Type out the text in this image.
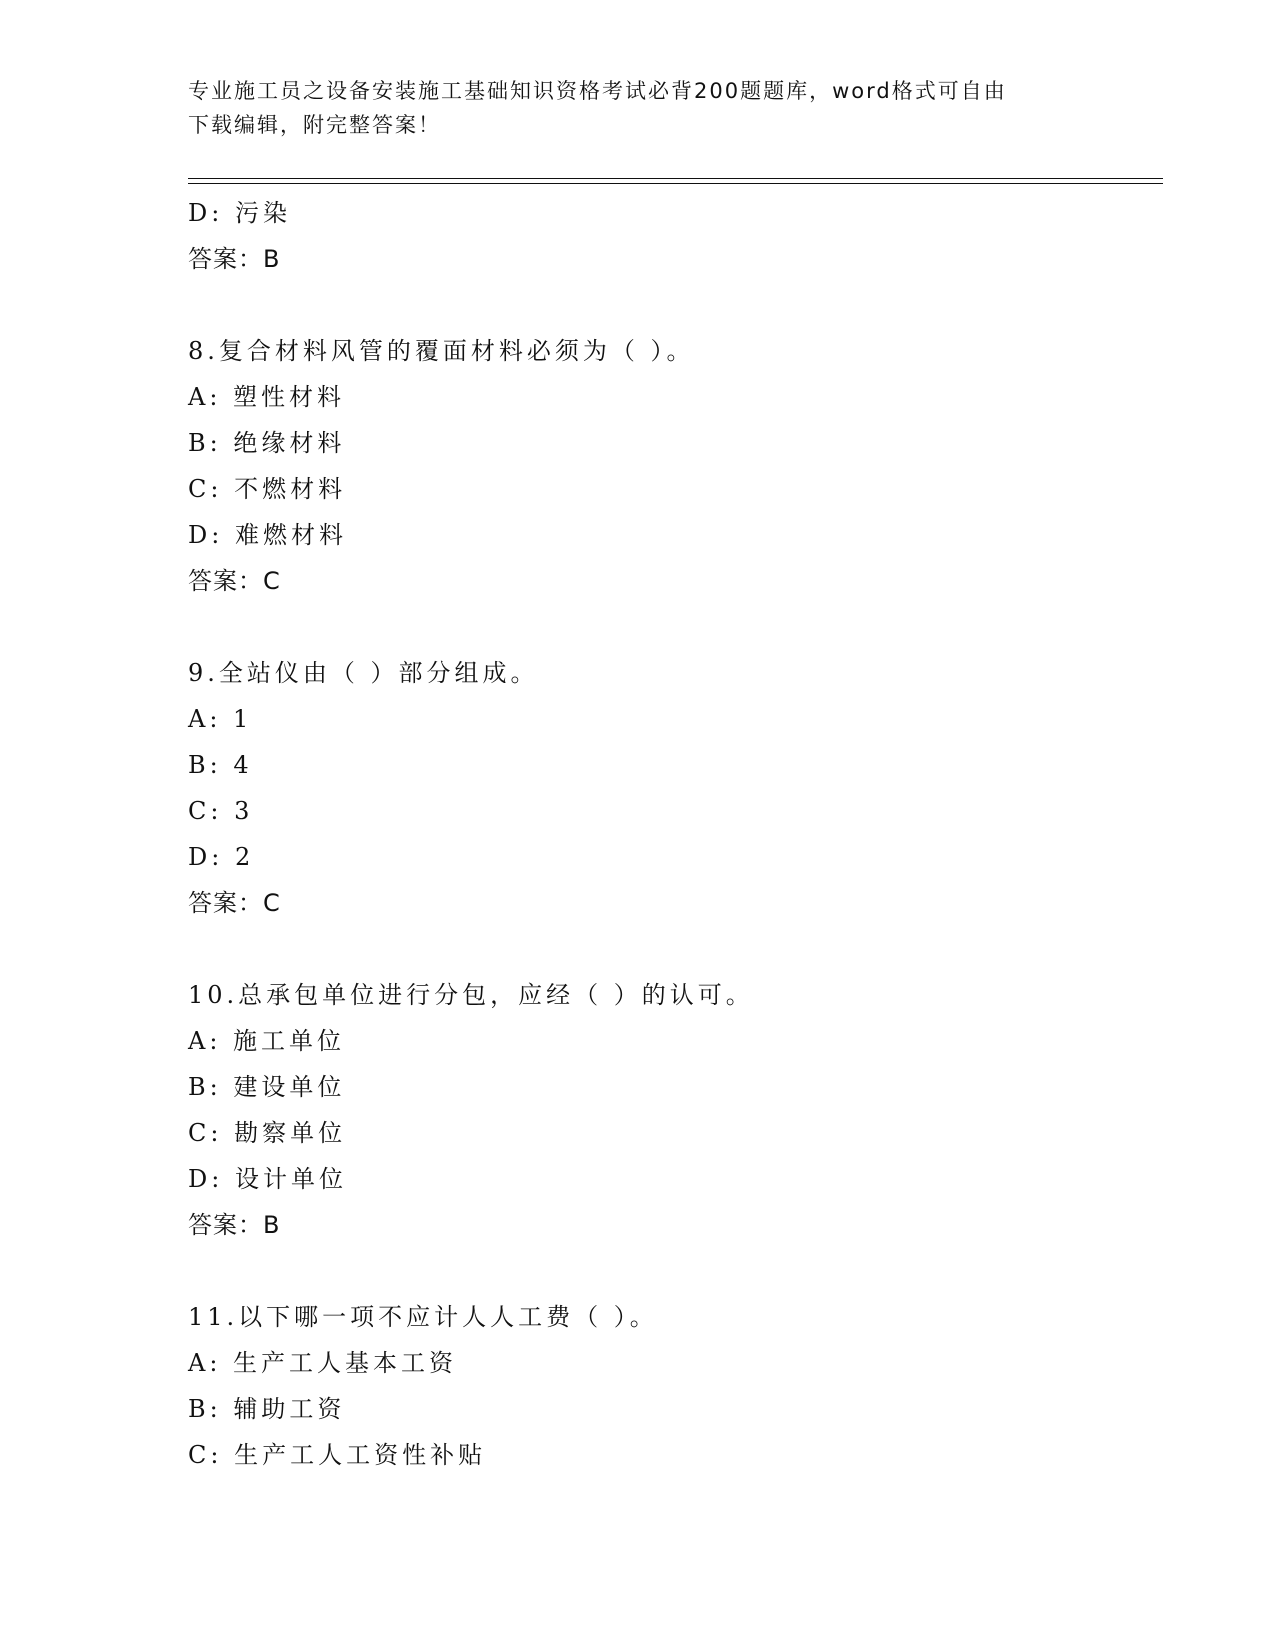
专业施工员之设备安装施工基础知识资格考试必背200题题库，word格式可自由
下载编辑，附完整答案！
D: 污染
答案：B
8.复合材料风管的覆面材料必须为（ ）。
A: 塑性材料
B: 绝缘材料
C: 不燃材料
D: 难燃材料
答案：C
9.全站仪由（ ）部分组成。
A: 1
B: 4
C: 3
D: 2
答案：C
10.总承包单位进行分包，应经（ ）的认可。
A: 施工单位
B: 建设单位
C: 勘察单位
D: 设计单位
答案：B
11.以下哪一项不应计人人工费（ ）。
A: 生产工人基本工资
B: 辅助工资
C: 生产工人工资性补贴
